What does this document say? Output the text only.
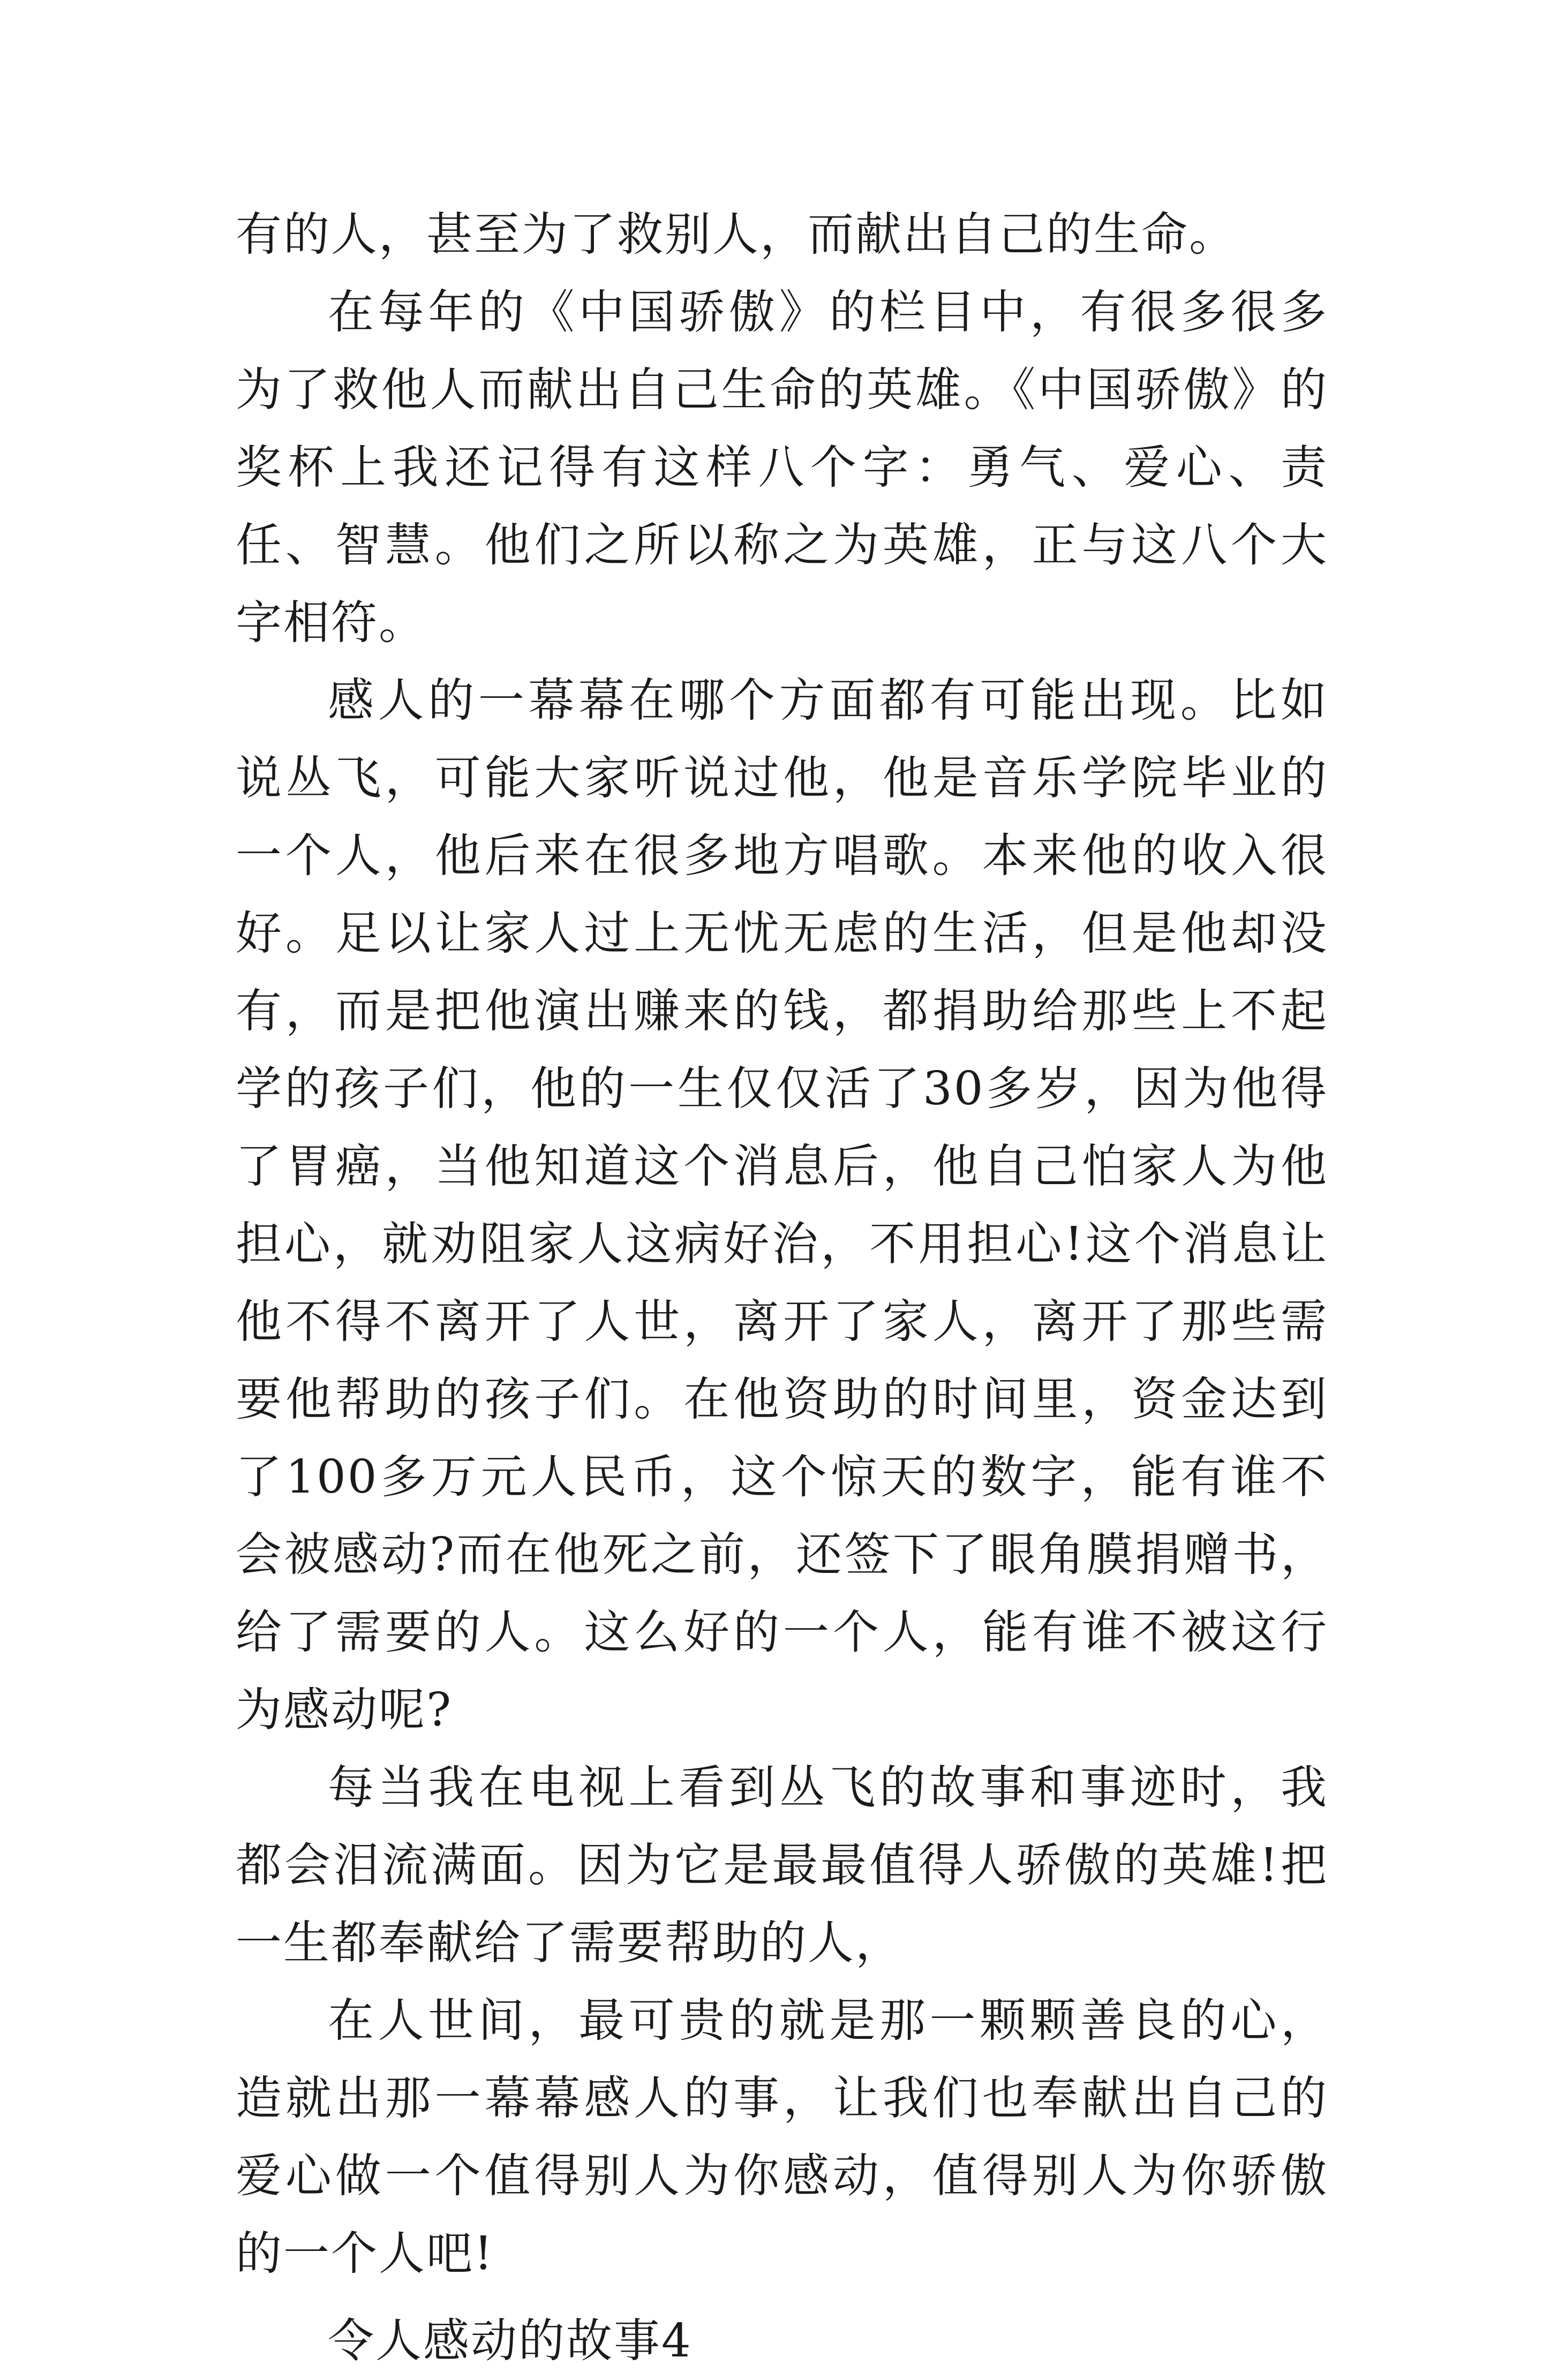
有的人，甚至为了救别人，而献出自己的生命。

在每年的《中国骄傲》的栏目中，有很多很多为了救他人而献出自己生命的英雄。《中国骄傲》的奖杯上我还记得有这样八个字：勇气、爱心、责任、智慧。他们之所以称之为英雄，正与这八个大字相符。

感人的一幕幕在哪个方面都有可能出现。比如说丛飞，可能大家听说过他，他是音乐学院毕业的一个人，他后来在很多地方唱歌。本来他的收入很好。足以让家人过上无忧无虑的生活，但是他却没有，而是把他演出赚来的钱，都捐助给那些上不起学的孩子们，他的一生仅仅活了30多岁，因为他得了胃癌，当他知道这个消息后，他自己怕家人为他担心，就劝阻家人这病好治，不用担心!这个消息让他不得不离开了人世，离开了家人，离开了那些需要他帮助的孩子们。在他资助的时间里，资金达到了100多万元人民币，这个惊天的数字，能有谁不会被感动?而在他死之前，还签下了眼角膜捐赠书，给了需要的人。这么好的一个人，能有谁不被这行为感动呢?

每当我在电视上看到丛飞的故事和事迹时，我都会泪流满面。因为它是最最值得人骄傲的英雄!把一生都奉献给了需要帮助的人，

在人世间，最可贵的就是那一颗颗善良的心，造就出那一幕幕感人的事，让我们也奉献出自己的爱心做一个值得别人为你感动，值得别人为你骄傲的一个人吧!

令人感动的故事4
